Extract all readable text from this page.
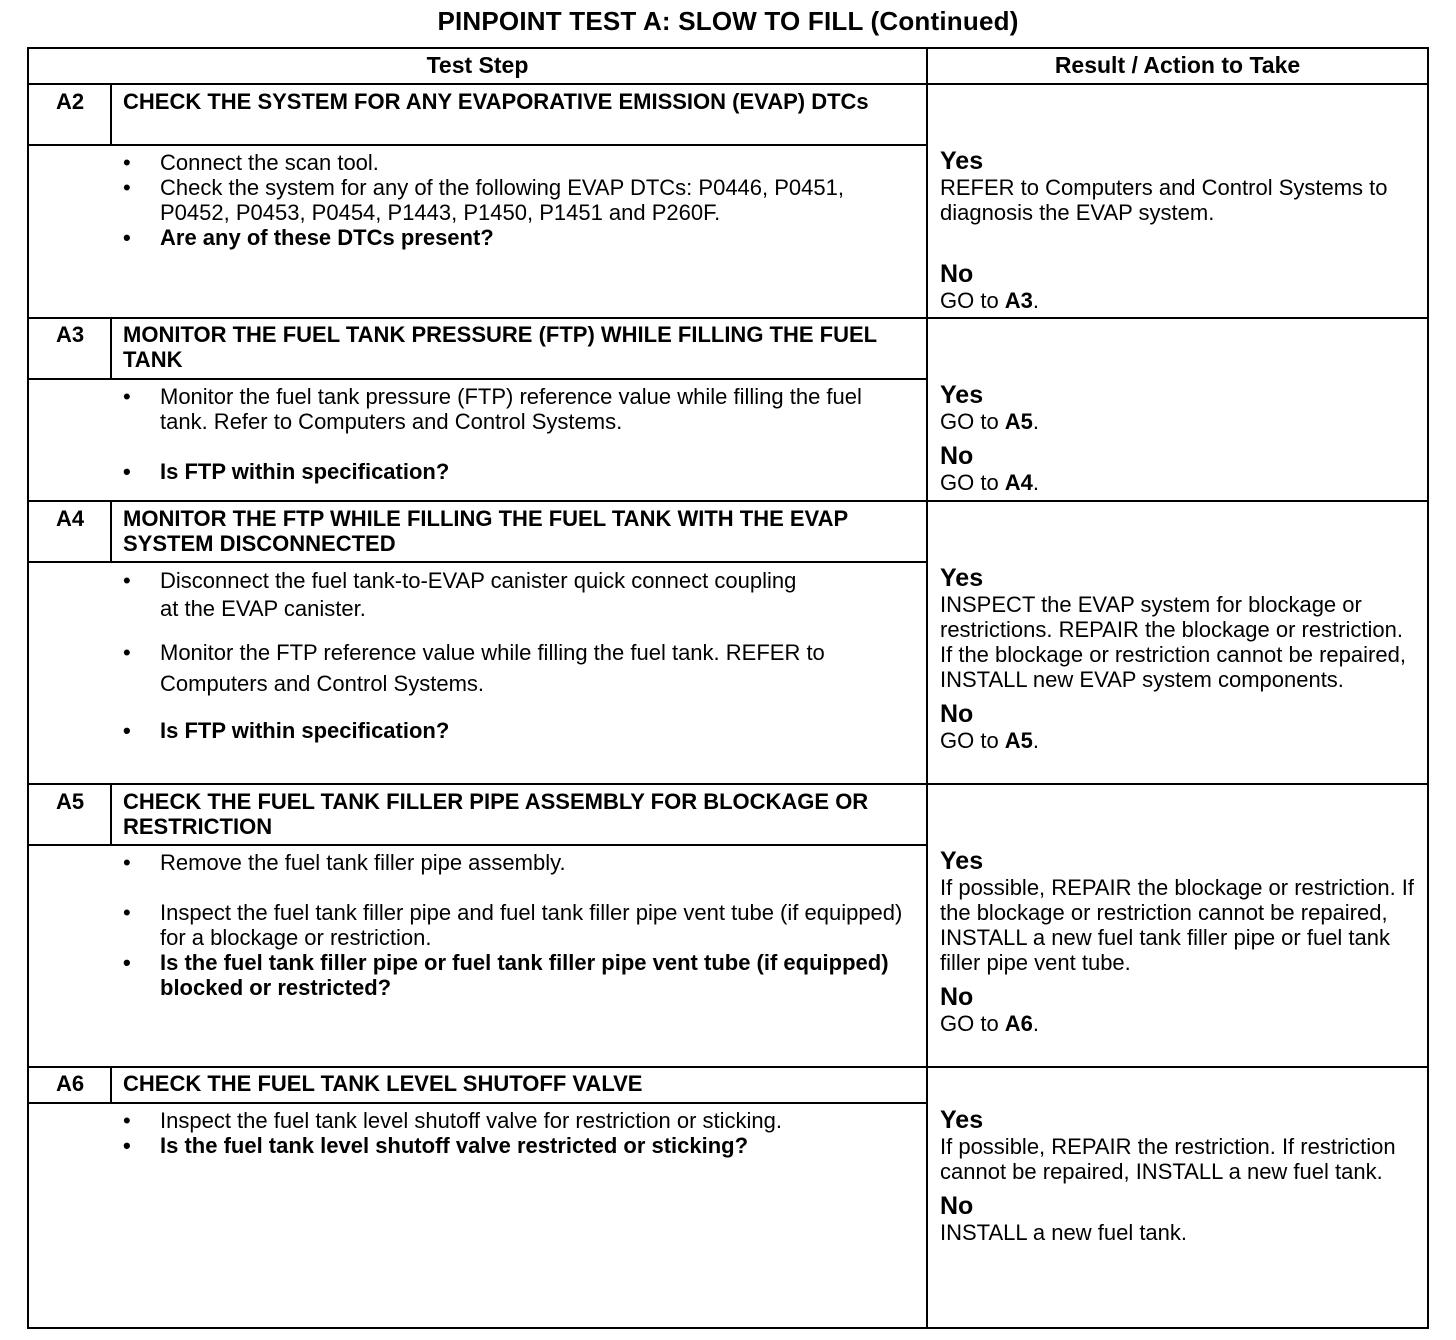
PINPOINT TEST A: SLOW TO FILL (Continued)
Test Step	Result / Action to Take
A2	CHECK THE SYSTEM FOR ANY EVAPORATIVE EMISSION (EVAP) DTCs
• Connect the scan tool.
• Check the system for any of the following EVAP DTCs: P0446, P0451, P0452, P0453, P0454, P1443, P1450, P1451 and P260F.
• Are any of these DTCs present?
Yes
REFER to Computers and Control Systems to diagnosis the EVAP system.
No
GO to A3.
A3	MONITOR THE FUEL TANK PRESSURE (FTP) WHILE FILLING THE FUEL TANK
• Monitor the fuel tank pressure (FTP) reference value while filling the fuel tank. Refer to Computers and Control Systems.
• Is FTP within specification?
Yes
GO to A5.
No
GO to A4.
A4	MONITOR THE FTP WHILE FILLING THE FUEL TANK WITH THE EVAP SYSTEM DISCONNECTED
• Disconnect the fuel tank-to-EVAP canister quick connect coupling at the EVAP canister.
• Monitor the FTP reference value while filling the fuel tank. REFER to Computers and Control Systems.
• Is FTP within specification?
Yes
INSPECT the EVAP system for blockage or restrictions. REPAIR the blockage or restriction. If the blockage or restriction cannot be repaired, INSTALL new EVAP system components.
No
GO to A5.
A5	CHECK THE FUEL TANK FILLER PIPE ASSEMBLY FOR BLOCKAGE OR RESTRICTION
• Remove the fuel tank filler pipe assembly.
• Inspect the fuel tank filler pipe and fuel tank filler pipe vent tube (if equipped) for a blockage or restriction.
• Is the fuel tank filler pipe or fuel tank filler pipe vent tube (if equipped) blocked or restricted?
Yes
If possible, REPAIR the blockage or restriction. If the blockage or restriction cannot be repaired, INSTALL a new fuel tank filler pipe or fuel tank filler pipe vent tube.
No
GO to A6.
A6	CHECK THE FUEL TANK LEVEL SHUTOFF VALVE
• Inspect the fuel tank level shutoff valve for restriction or sticking.
• Is the fuel tank level shutoff valve restricted or sticking?
Yes
If possible, REPAIR the restriction. If restriction cannot be repaired, INSTALL a new fuel tank.
No
INSTALL a new fuel tank.
